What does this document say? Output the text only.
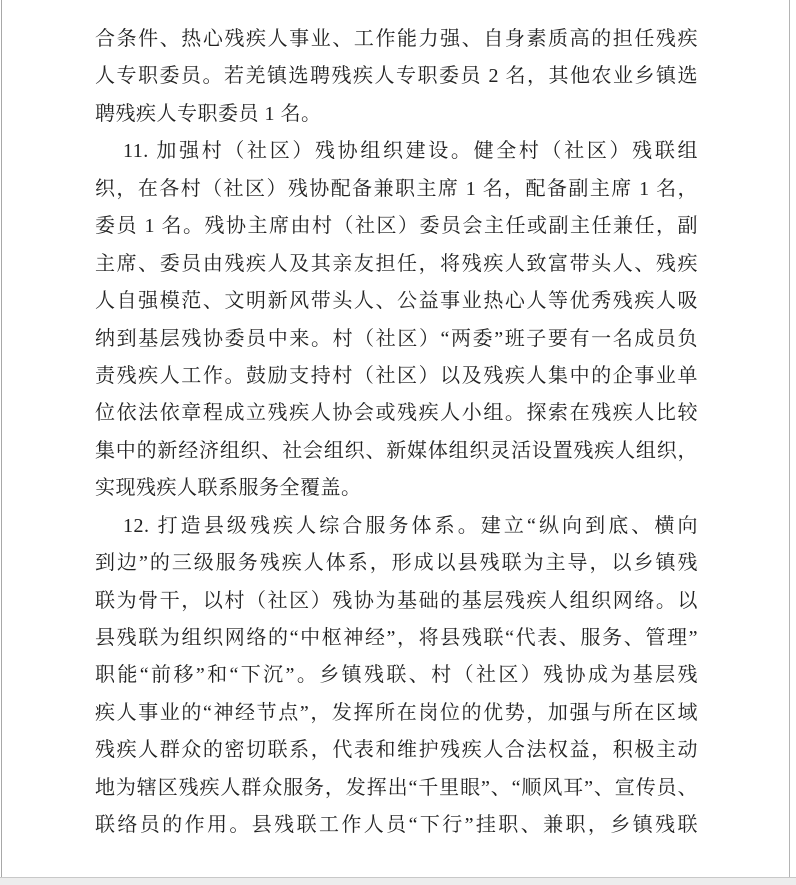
合条件、热心残疾人事业、工作能力强、自身素质高的担任残疾
人专职委员。若羌镇选聘残疾人专职委员 2 名，其他农业乡镇选
聘残疾人专职委员 1 名。
11. 加强村（社区）残协组织建设。健全村（社区）残联组
织，在各村（社区）残协配备兼职主席 1 名，配备副主席 1 名，
委员 1 名。残协主席由村（社区）委员会主任或副主任兼任，副
主席、委员由残疾人及其亲友担任，将残疾人致富带头人、残疾
人自强模范、文明新风带头人、公益事业热心人等优秀残疾人吸
纳到基层残协委员中来。村（社区）“两委”班子要有一名成员负
责残疾人工作。鼓励支持村（社区）以及残疾人集中的企事业单
位依法依章程成立残疾人协会或残疾人小组。探索在残疾人比较
集中的新经济组织、社会组织、新媒体组织灵活设置残疾人组织，
实现残疾人联系服务全覆盖。
12. 打造县级残疾人综合服务体系。建立“纵向到底、横向
到边”的三级服务残疾人体系，形成以县残联为主导，以乡镇残
联为骨干，以村（社区）残协为基础的基层残疾人组织网络。以
县残联为组织网络的“中枢神经”，将县残联“代表、服务、管理”
职能“前移”和“下沉”。乡镇残联、村（社区）残协成为基层残
疾人事业的“神经节点”，发挥所在岗位的优势，加强与所在区域
残疾人群众的密切联系，代表和维护残疾人合法权益，积极主动
地为辖区残疾人群众服务，发挥出“千里眼”、“顺风耳”、宣传员、
联络员的作用。县残联工作人员“下行”挂职、兼职，乡镇残联
